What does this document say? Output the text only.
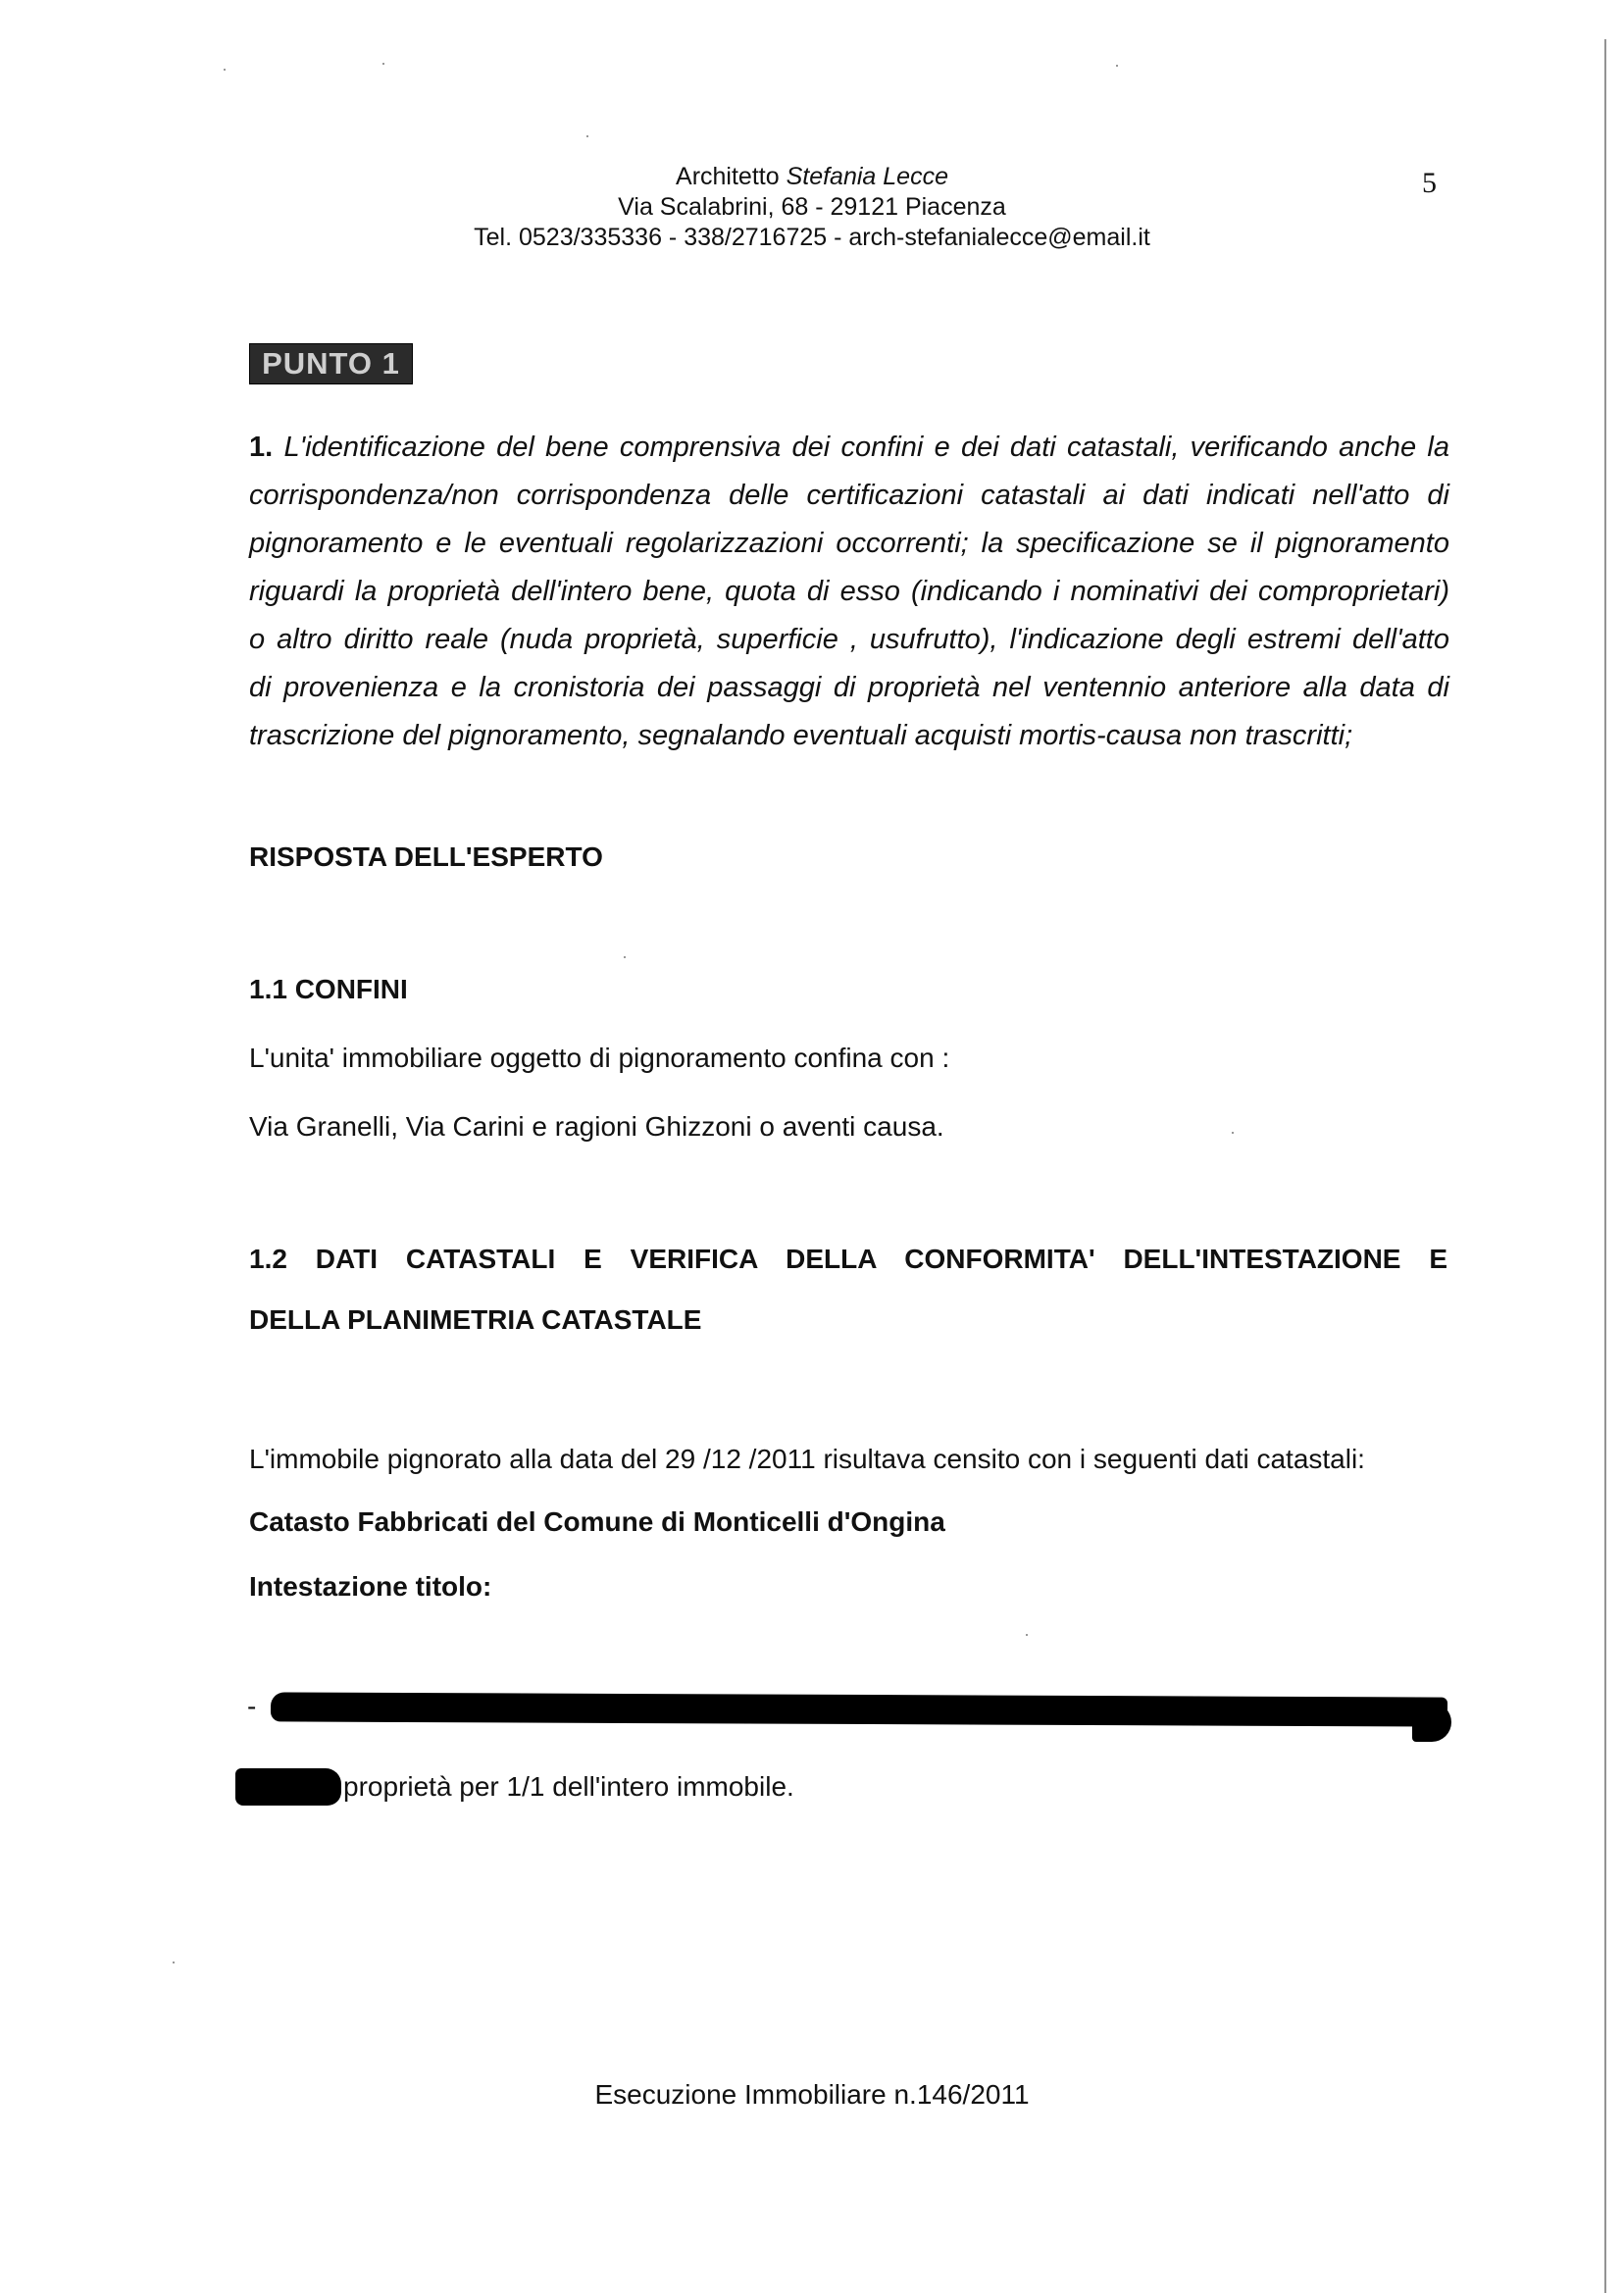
Architetto Stefania Lecce
Via Scalabrini, 68 - 29121 Piacenza
Tel. 0523/335336 - 338/2716725 - arch-stefanialecce@email.it
5
PUNTO 1
1. L'identificazione del bene comprensiva dei confini e dei dati catastali, verificando anche la
corrispondenza/non corrispondenza delle certificazioni catastali ai dati indicati nell'atto di
pignoramento e le eventuali regolarizzazioni occorrenti; la specificazione se il pignoramento
riguardi la proprietà dell'intero bene, quota di esso (indicando i nominativi dei comproprietari)
o altro diritto reale (nuda proprietà, superficie , usufrutto), l'indicazione degli estremi dell'atto
di provenienza e la cronistoria dei passaggi di proprietà nel ventennio anteriore alla data di
trascrizione del pignoramento, segnalando eventuali acquisti mortis-causa non trascritti;
RISPOSTA DELL'ESPERTO
1.1 CONFINI
L'unita' immobiliare oggetto di pignoramento confina con :
Via Granelli, Via Carini e ragioni Ghizzoni o aventi causa.
1.2 DATI CATASTALI E VERIFICA DELLA CONFORMITA' DELL'INTESTAZIONE E
DELLA PLANIMETRIA CATASTALE
L'immobile pignorato alla data del 29 /12 /2011 risultava censito con i seguenti dati catastali:
Catasto Fabbricati del Comune di Monticelli d'Ongina
Intestazione titolo:
-
proprietà per 1/1 dell'intero immobile.
Esecuzione Immobiliare n.146/2011
